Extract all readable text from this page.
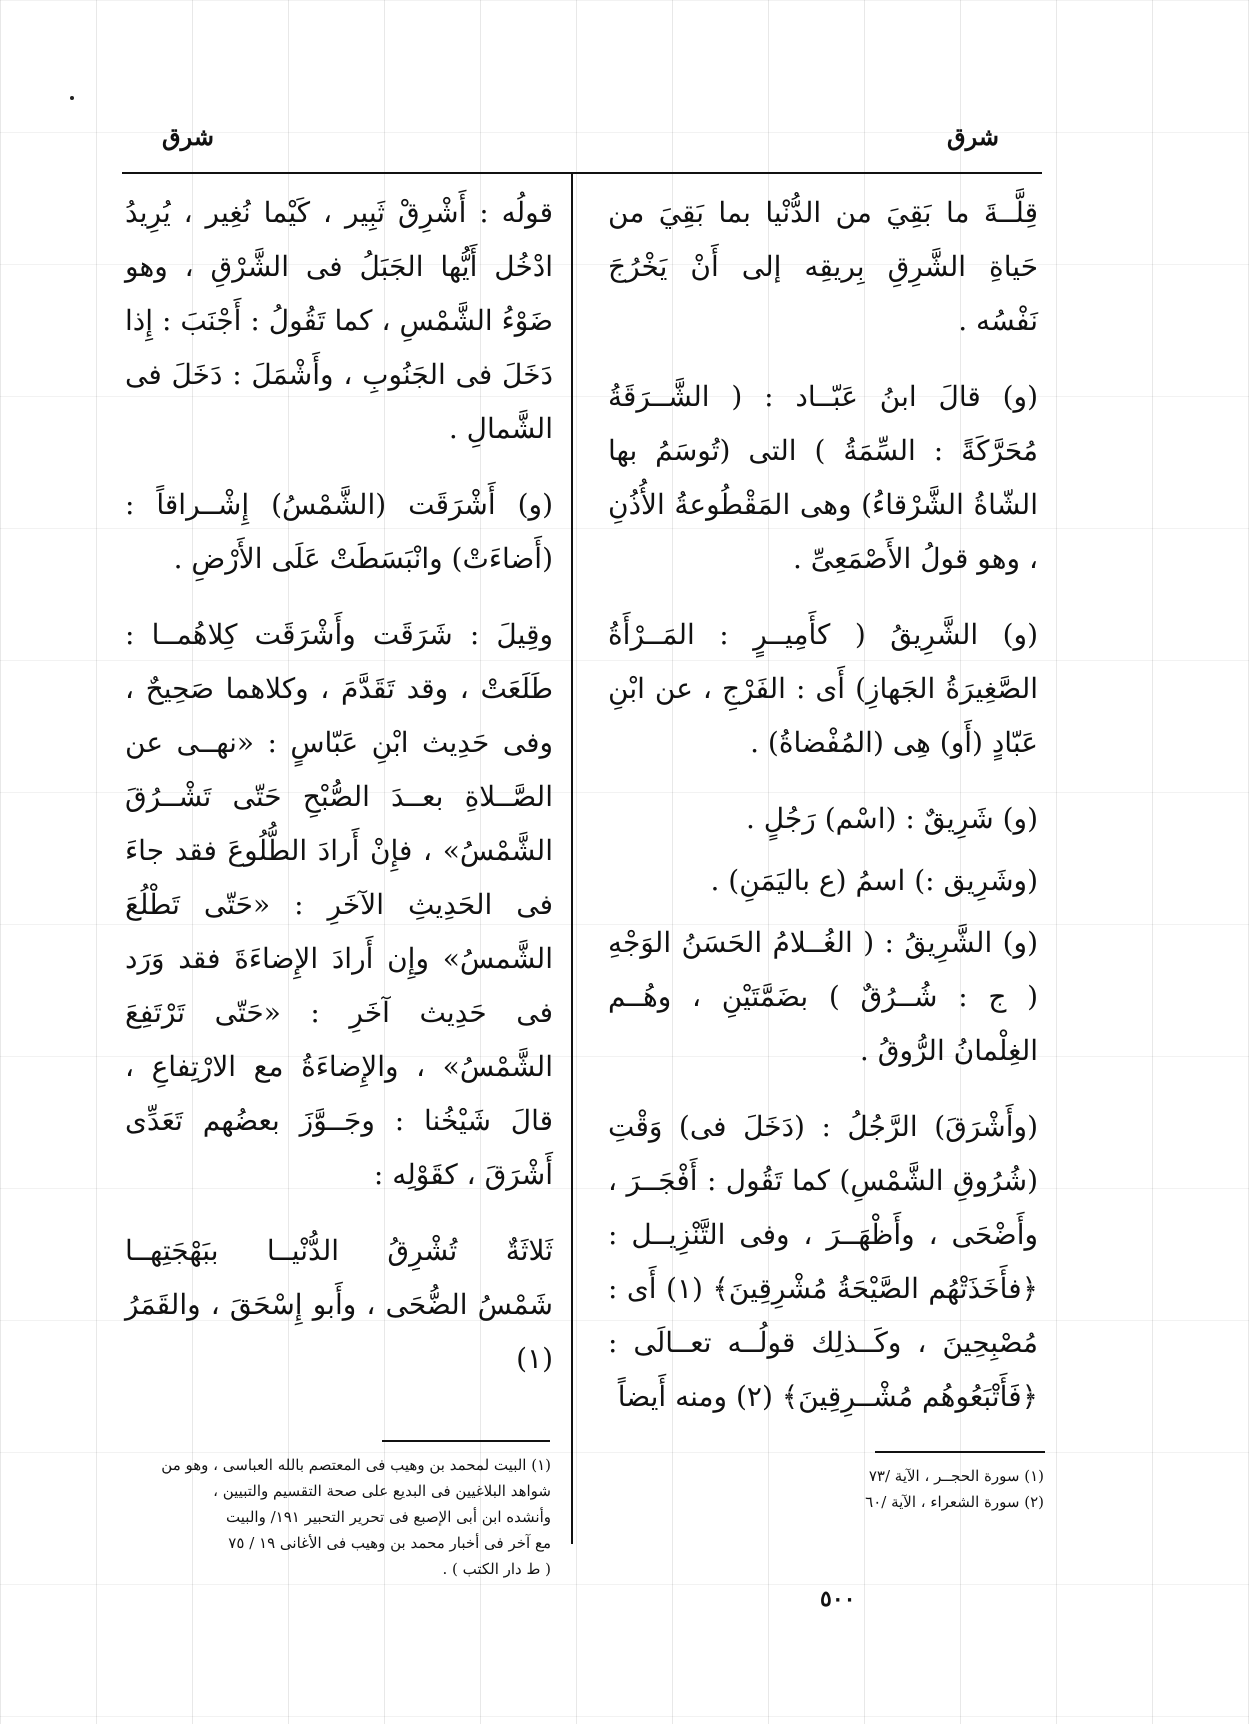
شرق
شرق

قِلَّــةَ ما بَقِيَ من الدُّنْيا بما بَقِيَ من حَياةِ الشَّرِقِ بِريقِه إلى أَنْ يَخْرُجَ نَفْسُه .

(و) قالَ ابنُ عَبّــاد : ( الشَّــرَقَةُ مُحَرَّكَةً : السِّمَةُ ) التى (تُوسَمُ بها الشّاةُ الشَّرْقاءُ) وهى المَقْطُوعةُ الأُذُنِ ، وهو قولُ الأَصْمَعِىِّ .

(و) الشَّرِيقُ ( كأَمِيــرٍ : المَــرْأَةُ الصَّغِيرَةُ الجَهازِ) أَى : الفَرْجِ ، عن ابْنِ عَبّادٍ (أَو) هِى (المُفْضاةُ) .

(و) شَرِيقٌ : (اسْم) رَجُلٍ .

(وشَرِيق :) اسمُ (ع باليَمَنِ) .

(و) الشَّرِيقُ : ( الغُــلامُ الحَسَنُ الوَجْهِ ( ج : شُــرُقٌ ) بضَمَّتَيْنِ ، وهُــم الغِلْمانُ الرُّوقُ .

(وأَشْرَقَ) الرَّجُلُ : (دَخَلَ فى) وَقْتِ (شُرُوقِ الشَّمْسِ) كما تَقُول : أَفْجَــرَ ، وأَضْحَى ، وأَظْهَــرَ ، وفى التَّنْزِيــل : ﴿فأَخَذَتْهُم الصَّيْحَةُ مُشْرِقِينَ﴾ (١) أَى : مُصْبِحِينَ ، وكَــذلِك قولُــه تعــالَى : ﴿فَأَتْبَعُوهُم مُشْــرِقِينَ﴾ (٢) ومنه أَيضاً

قولُه : أَشْرِقْ ثَبِير ، كَيْما نُغِير ، يُرِيدُ ادْخُل أَيُّها الجَبَلُ فى الشَّرْقِ ، وهو ضَوْءُ الشَّمْسِ ، كما تَقُولُ : أَجْنَبَ : إِذا دَخَلَ فى الجَنُوبِ ، وأَشْمَلَ : دَخَلَ فى الشَّمالِ .

(و) أَشْرَقَت (الشَّمْسُ) إِشْــراقاً : (أَضاءَتْ) وانْبَسَطَتْ عَلَى الأَرْضِ .

وقِيلَ : شَرَقَت وأَشْرَقَت كِلاهُمــا : طَلَعَتْ ، وقد تَقَدَّمَ ، وكلاهما صَحِيحٌ ، وفى حَدِيث ابْنِ عَبّاسٍ : «نهــى عن الصَّــلاةِ بعــدَ الصُّبْحِ حَتّى تَشْــرُقَ الشَّمْسُ» ، فإِنْ أَرادَ الطُّلُوعَ فقد جاءَ فى الحَدِيثِ الآخَرِ : «حَتّى تَطْلُعَ الشَّمسُ» وإِن أَرادَ الإِضاءَةَ فقد وَرَد فى حَدِيث آخَرِ : «حَتّى تَرْتَفِعَ الشَّمْسُ» ، والإِضاءَةُ مع الارْتِفاعِ ، قالَ شَيْخُنا : وجَــوَّزَ بعضُهم تَعَدِّى أَشْرَقَ ، كقَوْلِه :

ثَلاثَةٌ تُشْرِقُ الدُّنْيــا ببَهْجَتِهــا
شَمْسُ الضُّحَى ، وأَبو إِسْحَقَ ، والقَمَرُ (١)
(١) البيت لمحمد بن وهيب فى المعتصم بالله العباسى ، وهو من
شواهد البلاغيين فى البديع على صحة التقسيم والتبيين ،
وأنشده ابن أبى الإصبع فى تحرير التحبير ١٩١/ والبيت
مع آخر فى أخبار محمد بن وهيب فى الأغانى ١٩ / ٧٥
( ط دار الكتب ) .
(١) سورة الحجــر ، الآية /٧٣
(٢) سورة الشعراء ، الآية /٦٠
٥٠٠
